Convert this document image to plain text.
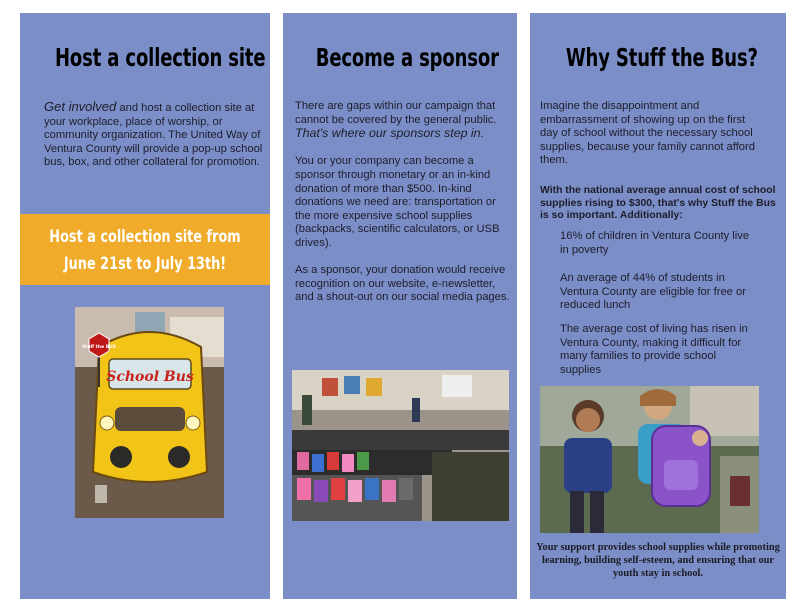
Host a collection site
Get involved and host a collection site at your workplace, place of worship, or community organization. The United Way of Ventura County will provide a pop-up school bus, box, and other collateral for promotion.
Host a collection site from
June 21st to July 13th!
School Bus
Stuff the BUS
Become a sponsor

There are gaps within our campaign that cannot be covered by the general public. That's where our sponsors step in.

You or your company can become a sponsor through monetary or an in-kind donation of more than $500. In-kind donations we need are: transportation or the more expensive school supplies (backpacks, scientific calculators, or USB drives).

As a sponsor, your donation would receive recognition on our website, e-newsletter, and a shout-out on our social media pages.

Why Stuff the Bus?
Imagine the disappointment and embarrassment of showing up on the first day of school without the necessary school supplies, because your family cannot afford them.
With the national average annual cost of school supplies rising to $300, that's why Stuff the Bus is so important. Additionally:
16% of children in Ventura County live in poverty
An average of 44% of students in Ventura County are eligible for free or reduced lunch
The average cost of living has risen in Ventura County, making it difficult for many families to provide school supplies
Your support provides school supplies while promoting learning, building self-esteem, and ensuring that our youth stay in school.
